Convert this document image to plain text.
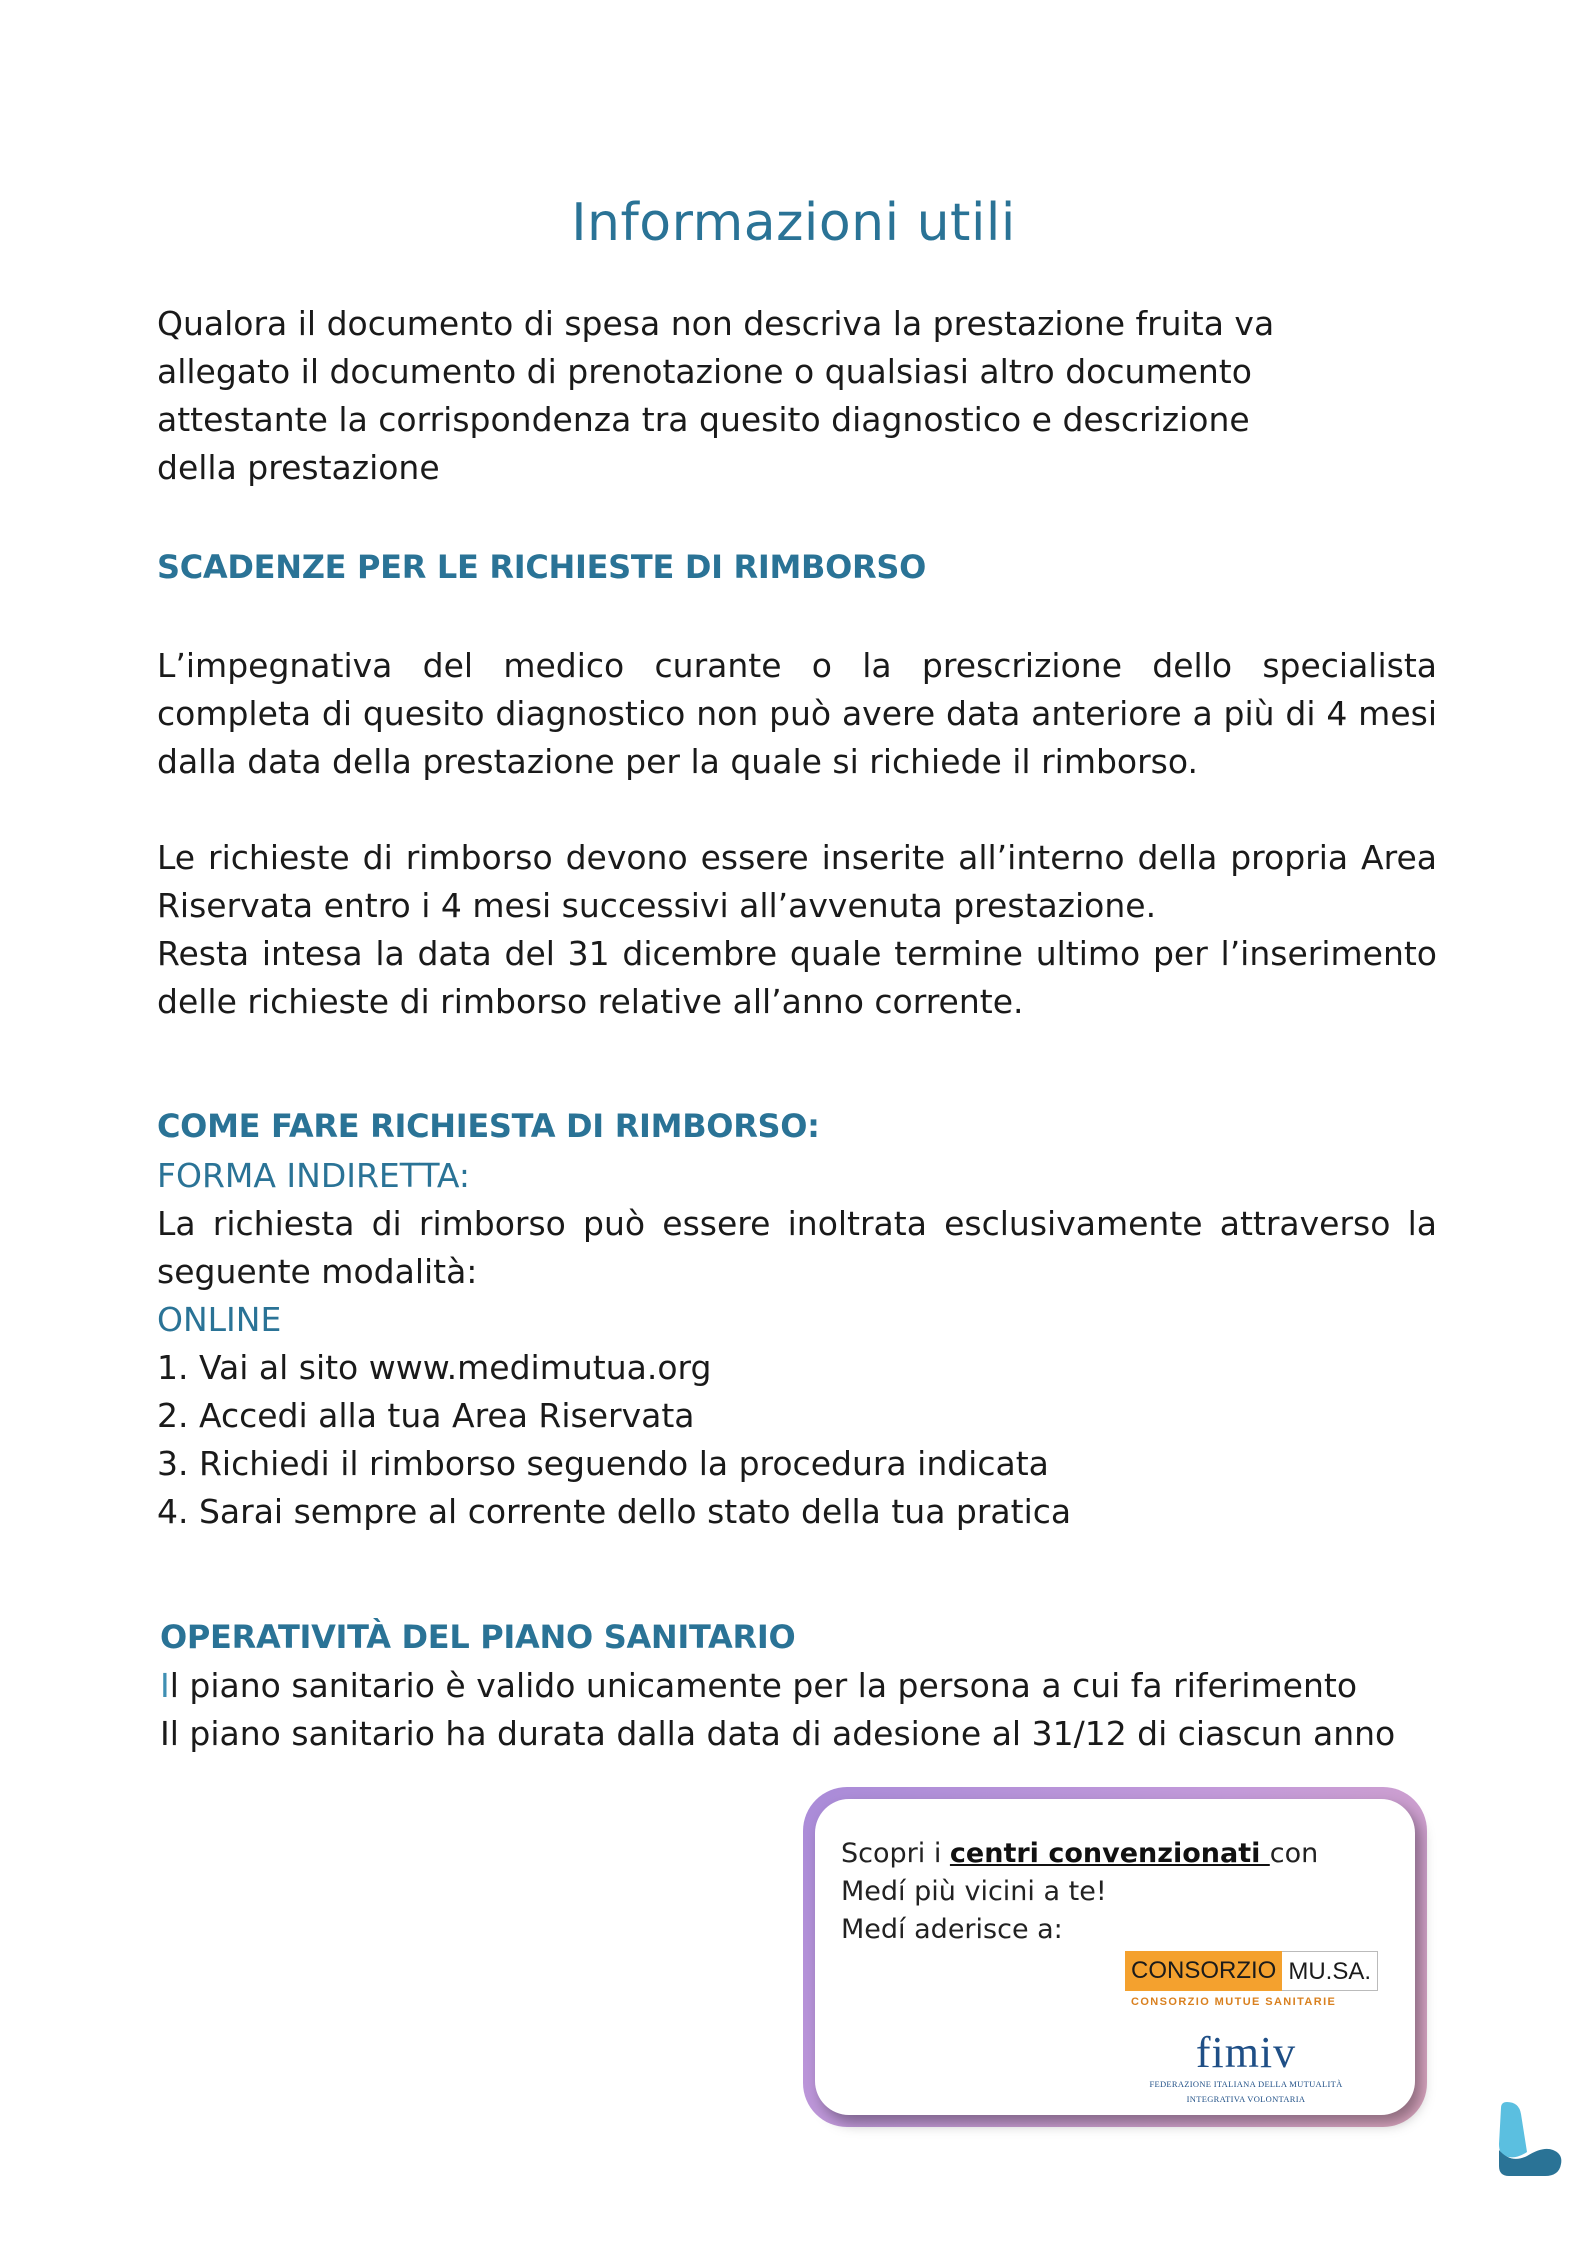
Informazioni utili

Qualora il documento di spesa non descriva la prestazione fruita va

allegato il documento di prenotazione o qualsiasi altro documento

attestante la corrispondenza tra quesito diagnostico e descrizione

della prestazione

SCADENZE PER LE RICHIESTE DI RIMBORSO

L’impegnativa del medico curante o la prescrizione dello specialista completa di quesito diagnostico non può avere data anteriore a più di 4 mesi dalla data della prestazione per la quale si richiede il rimborso.

Le richieste di rimborso devono essere inserite all’interno della propria Area Riservata entro i 4 mesi successivi all’avvenuta prestazione.

Resta intesa la data del 31 dicembre quale termine ultimo per l’inserimento delle richieste di rimborso relative all’anno corrente.

COME FARE RICHIESTA DI RIMBORSO:

FORMA INDIRETTA:

La richiesta di rimborso può essere inoltrata esclusivamente attraverso la seguente modalità:

ONLINE

1. Vai al sito www.medimutua.org

2. Accedi alla tua Area Riservata

3. Richiedi il rimborso seguendo la procedura indicata

4. Sarai sempre al corrente dello stato della tua pratica

OPERATIVITÀ DEL PIANO SANITARIO

Il piano sanitario è valido unicamente per la persona a cui fa riferimento

Il piano sanitario ha durata dalla data di adesione al 31/12 di ciascun anno

Scopri i centri convenzionati con
Medí più vicini a te!
Medí aderisce a:
CONSORZIO MU.SA.
CONSORZIO MUTUE SANITARIE
fimiv
FEDERAZIONE ITALIANA DELLA MUTUALITÀ
INTEGRATIVA VOLONTARIA
